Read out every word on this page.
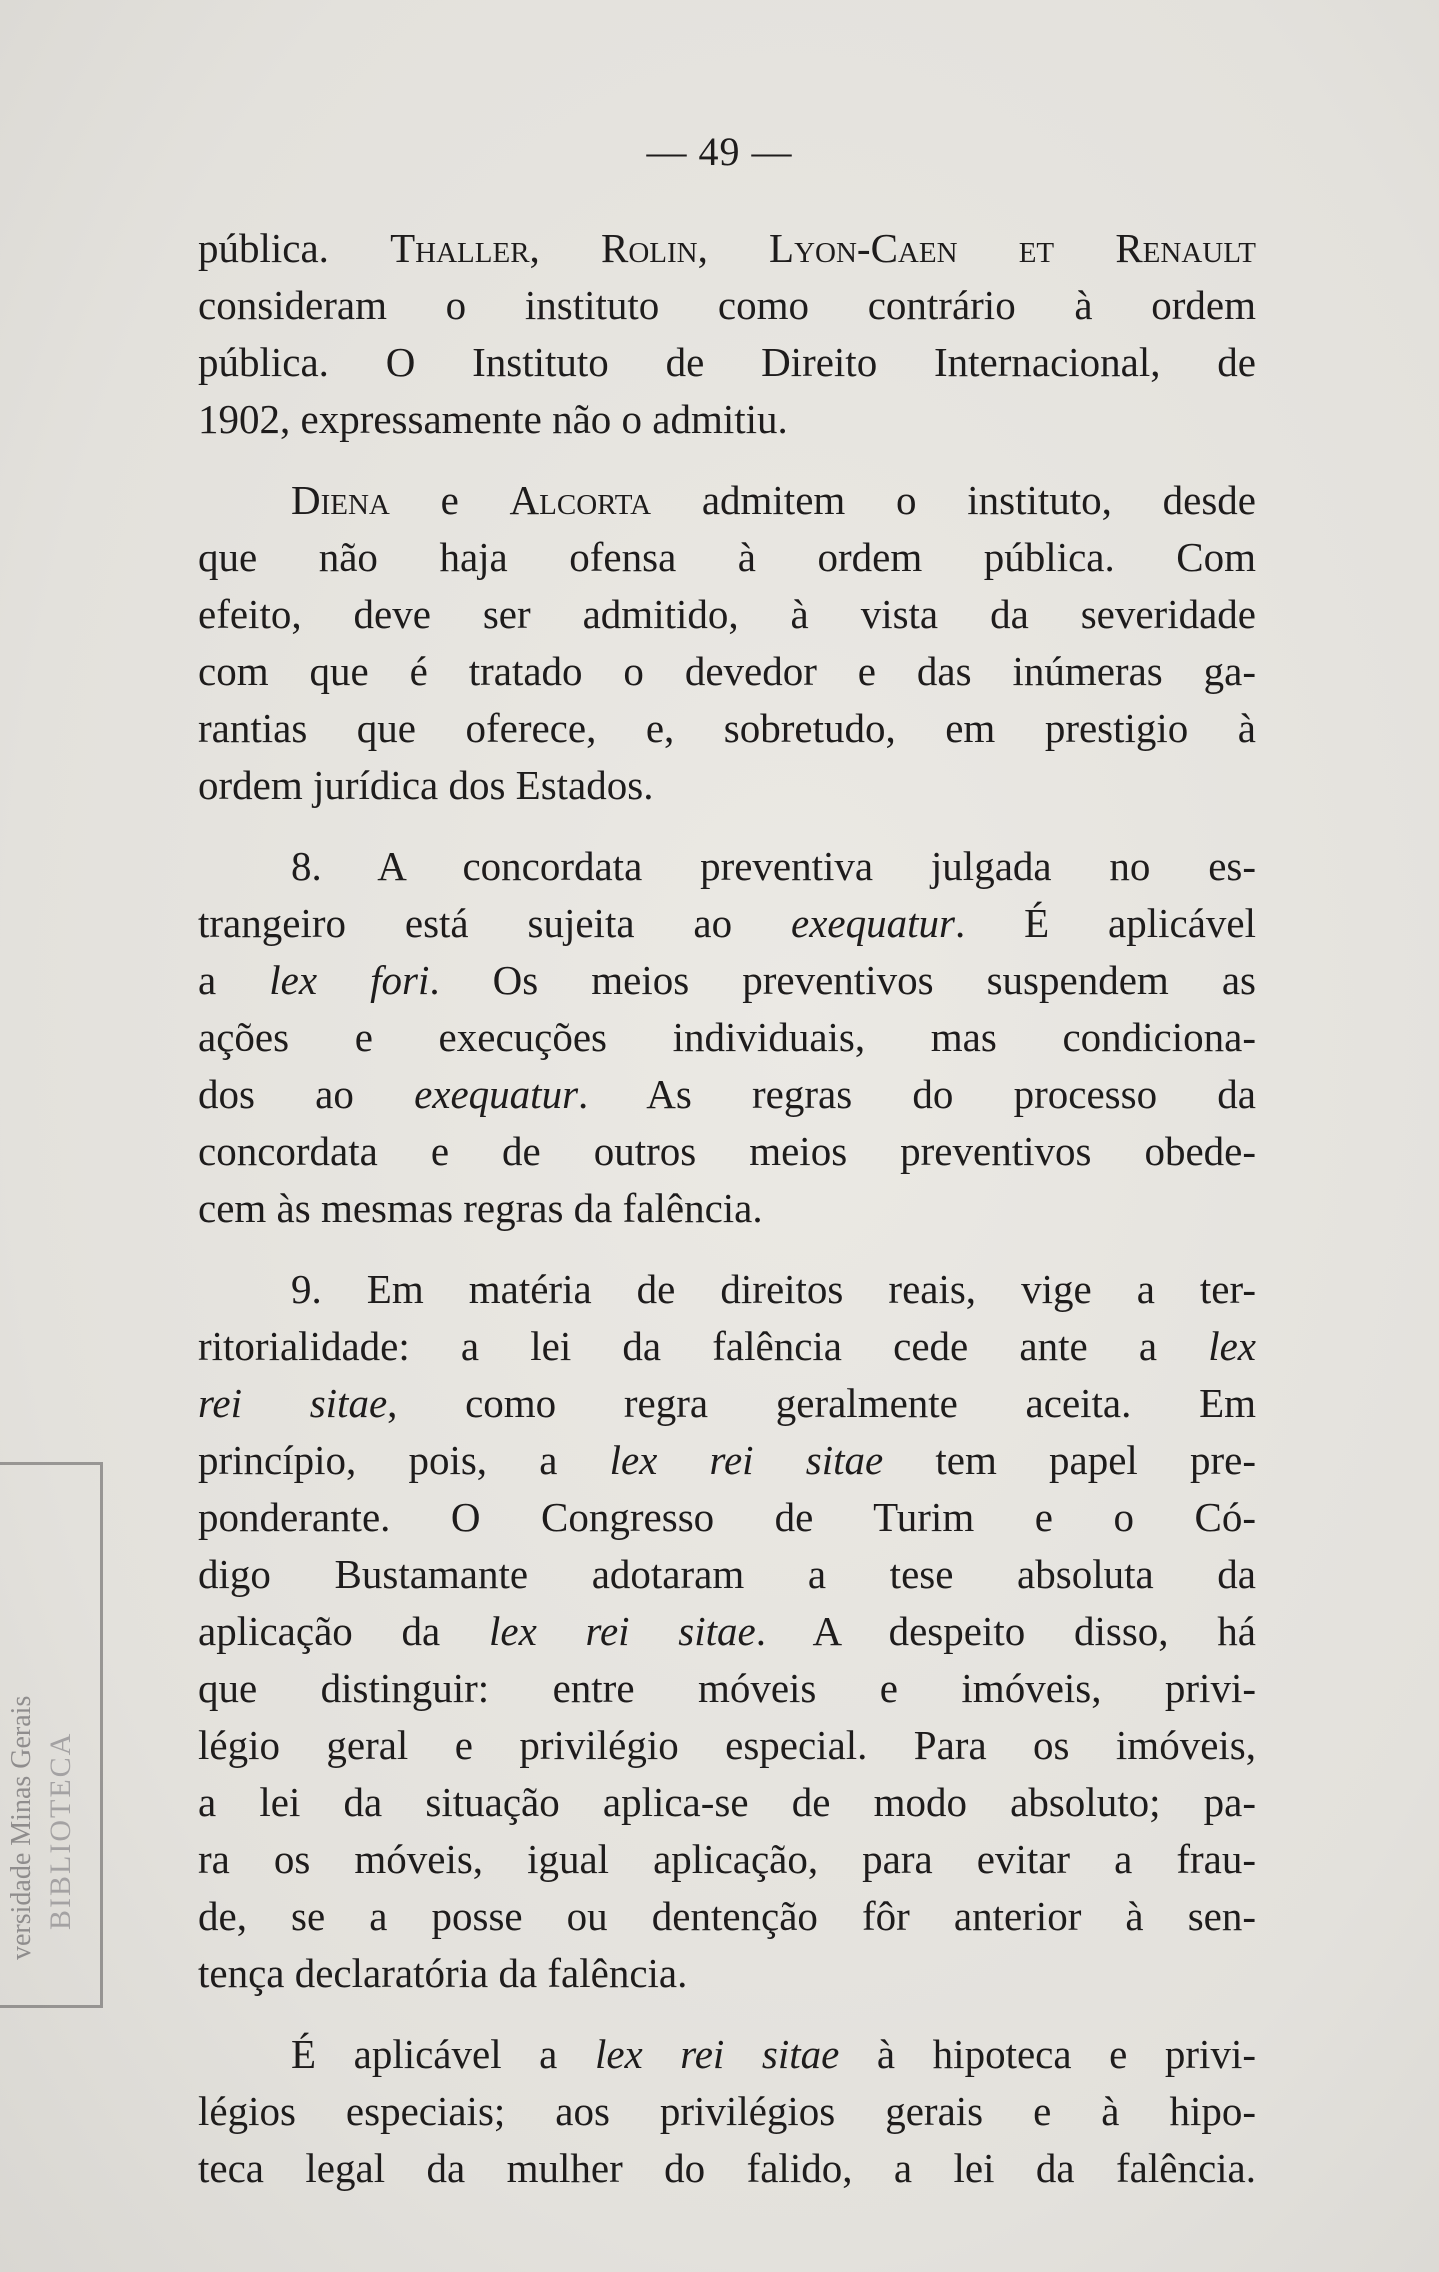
— 49 —
pública. Thaller, Rolin, Lyon-Caen et Renault
consideram o instituto como contrário à ordem
pública. O Instituto de Direito Internacional, de
1902, expressamente não o admitiu.
Diena e Alcorta admitem o instituto, desde
que não haja ofensa à ordem pública. Com
efeito, deve ser admitido, à vista da severidade
com que é tratado o devedor e das inúmeras ga-
rantias que oferece, e, sobretudo, em prestigio à
ordem jurídica dos Estados.
8. A concordata preventiva julgada no es-
trangeiro está sujeita ao exequatur. É aplicável
a lex fori. Os meios preventivos suspendem as
ações e execuções individuais, mas condiciona-
dos ao exequatur. As regras do processo da
concordata e de outros meios preventivos obede-
cem às mesmas regras da falência.
9. Em matéria de direitos reais, vige a ter-
ritorialidade: a lei da falência cede ante a lex
rei sitae, como regra geralmente aceita. Em
princípio, pois, a lex rei sitae tem papel pre-
ponderante. O Congresso de Turim e o Có-
digo Bustamante adotaram a tese absoluta da
aplicação da lex rei sitae. A despeito disso, há
que distinguir: entre móveis e imóveis, privi-
légio geral e privilégio especial. Para os imóveis,
a lei da situação aplica-se de modo absoluto; pa-
ra os móveis, igual aplicação, para evitar a frau-
de, se a posse ou dentenção fôr anterior à sen-
tença declaratória da falência.
É aplicável a lex rei sitae à hipoteca e privi-
légios especiais; aos privilégios gerais e à hipo-
teca legal da mulher do falido, a lei da falência.
versidade Minas Gerais BIBLIOTECA
